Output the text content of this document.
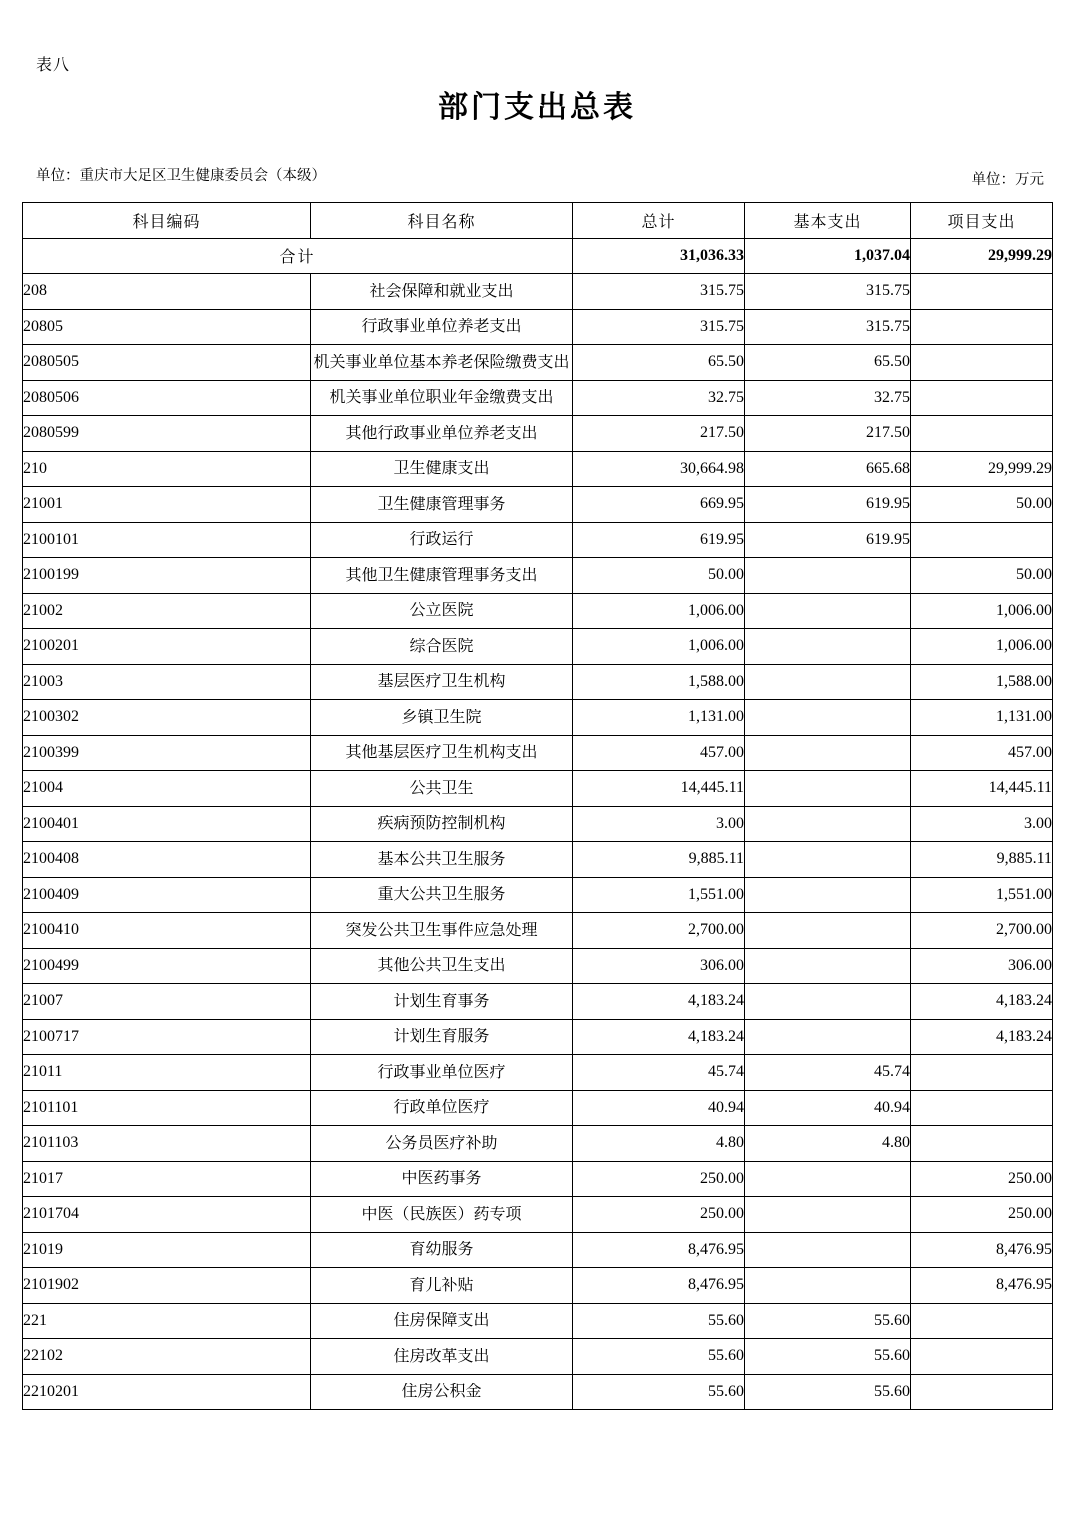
表八
部门支出总表
单位：重庆市大足区卫生健康委员会（本级）	单位：万元
科目编码	科目名称	总计	基本支出	项目支出
合计		31,036.33	1,037.04	29,999.29
208	社会保障和就业支出	315.75	315.75	
20805	行政事业单位养老支出	315.75	315.75	
2080505	机关事业单位基本养老保险缴费支出	65.50	65.50	
2080506	机关事业单位职业年金缴费支出	32.75	32.75	
2080599	其他行政事业单位养老支出	217.50	217.50	
210	卫生健康支出	30,664.98	665.68	29,999.29
21001	卫生健康管理事务	669.95	619.95	50.00
2100101	行政运行	619.95	619.95	
2100199	其他卫生健康管理事务支出	50.00		50.00
21002	公立医院	1,006.00		1,006.00
2100201	综合医院	1,006.00		1,006.00
21003	基层医疗卫生机构	1,588.00		1,588.00
2100302	乡镇卫生院	1,131.00		1,131.00
2100399	其他基层医疗卫生机构支出	457.00		457.00
21004	公共卫生	14,445.11		14,445.11
2100401	疾病预防控制机构	3.00		3.00
2100408	基本公共卫生服务	9,885.11		9,885.11
2100409	重大公共卫生服务	1,551.00		1,551.00
2100410	突发公共卫生事件应急处理	2,700.00		2,700.00
2100499	其他公共卫生支出	306.00		306.00
21007	计划生育事务	4,183.24		4,183.24
2100717	计划生育服务	4,183.24		4,183.24
21011	行政事业单位医疗	45.74	45.74	
2101101	行政单位医疗	40.94	40.94	
2101103	公务员医疗补助	4.80	4.80	
21017	中医药事务	250.00		250.00
2101704	中医（民族医）药专项	250.00		250.00
21019	育幼服务	8,476.95		8,476.95
2101902	育儿补贴	8,476.95		8,476.95
221	住房保障支出	55.60	55.60	
22102	住房改革支出	55.60	55.60	
2210201	住房公积金	55.60	55.60	
